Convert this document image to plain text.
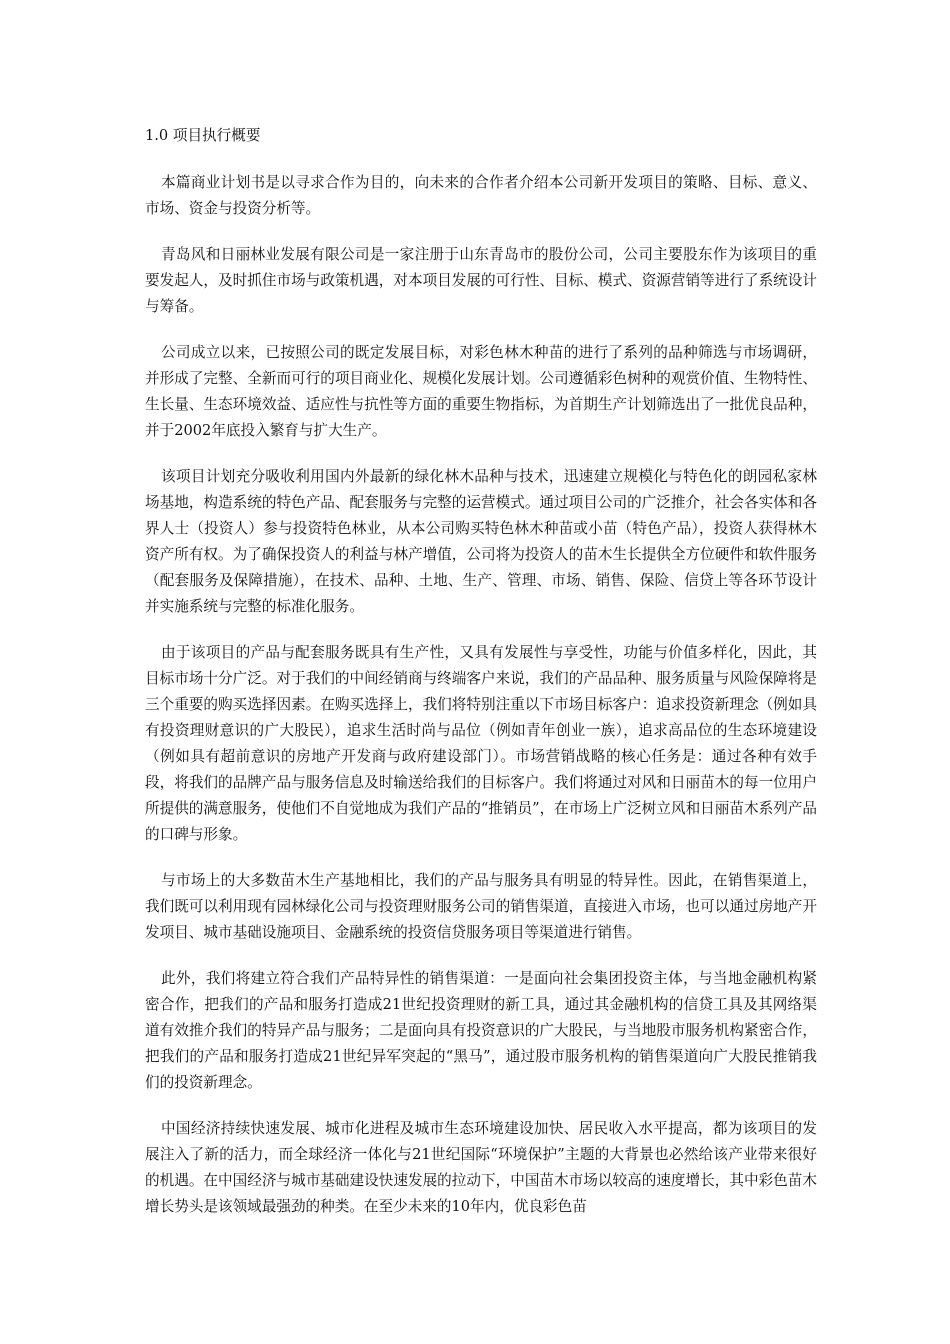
1.0 项目执行概要

本篇商业计划书是以寻求合作为目的，向未来的合作者介绍本公司新开发项目的策略、目标、意义、市场、资金与投资分析等。

青岛风和日丽林业发展有限公司是一家注册于山东青岛市的股份公司，公司主要股东作为该项目的重要发起人，及时抓住市场与政策机遇，对本项目发展的可行性、目标、模式、资源营销等进行了系统设计与筹备。

公司成立以来，已按照公司的既定发展目标，对彩色林木种苗的进行了系列的品种筛选与市场调研，并形成了完整、全新而可行的项目商业化、规模化发展计划。公司遵循彩色树种的观赏价值、生物特性、生长量、生态环境效益、适应性与抗性等方面的重要生物指标，为首期生产计划筛选出了一批优良品种，并于2002年底投入繁育与扩大生产。

该项目计划充分吸收利用国内外最新的绿化林木品种与技术，迅速建立规模化与特色化的朗园私家林场基地，构造系统的特色产品、配套服务与完整的运营模式。通过项目公司的广泛推介，社会各实体和各界人士（投资人）参与投资特色林业，从本公司购买特色林木种苗或小苗（特色产品），投资人获得林木资产所有权。为了确保投资人的利益与林产增值，公司将为投资人的苗木生长提供全方位硬件和软件服务（配套服务及保障措施），在技术、品种、土地、生产、管理、市场、销售、保险、信贷上等各环节设计并实施系统与完整的标准化服务。

由于该项目的产品与配套服务既具有生产性，又具有发展性与享受性，功能与价值多样化，因此，其目标市场十分广泛。对于我们的中间经销商与终端客户来说，我们的产品品种、服务质量与风险保障将是三个重要的购买选择因素。在购买选择上，我们将特别注重以下市场目标客户：追求投资新理念（例如具有投资理财意识的广大股民），追求生活时尚与品位（例如青年创业一族），追求高品位的生态环境建设（例如具有超前意识的房地产开发商与政府建设部门）。市场营销战略的核心任务是：通过各种有效手段，将我们的品牌产品与服务信息及时输送给我们的目标客户。我们将通过对风和日丽苗木的每一位用户所提供的满意服务，使他们不自觉地成为我们产品的“推销员”，在市场上广泛树立风和日丽苗木系列产品的口碑与形象。

与市场上的大多数苗木生产基地相比，我们的产品与服务具有明显的特异性。因此，在销售渠道上，我们既可以利用现有园林绿化公司与投资理财服务公司的销售渠道，直接进入市场，也可以通过房地产开发项目、城市基础设施项目、金融系统的投资信贷服务项目等渠道进行销售。

此外，我们将建立符合我们产品特异性的销售渠道：一是面向社会集团投资主体，与当地金融机构紧密合作，把我们的产品和服务打造成21世纪投资理财的新工具，通过其金融机构的信贷工具及其网络渠道有效推介我们的特异产品与服务；二是面向具有投资意识的广大股民，与当地股市服务机构紧密合作，把我们的产品和服务打造成21世纪异军突起的“黑马”，通过股市服务机构的销售渠道向广大股民推销我们的投资新理念。

中国经济持续快速发展、城市化进程及城市生态环境建设加快、居民收入水平提高，都为该项目的发展注入了新的活力，而全球经济一体化与21世纪国际“环境保护”主题的大背景也必然给该产业带来很好的机遇。在中国经济与城市基础建设快速发展的拉动下，中国苗木市场以较高的速度增长，其中彩色苗木增长势头是该领域最强劲的种类。在至少未来的10年内，优良彩色苗
